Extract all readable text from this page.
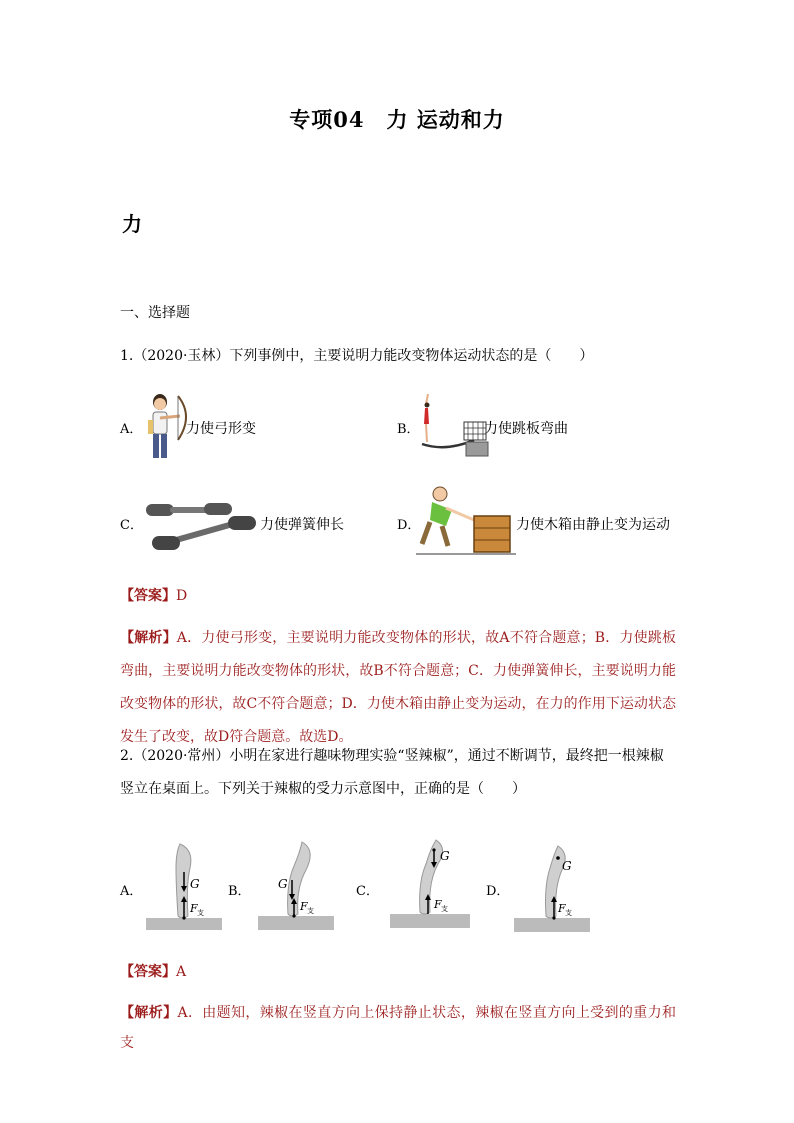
专项04　力 运动和力
力
一、选择题
1.（2020·玉林）下列事例中，主要说明力能改变物体运动状态的是（　　）
A．	力使弓形变	B．	力使跳板弯曲
C．	力使弹簧伸长	D．	力使木箱由静止变为运动
【答案】D
【解析】A．力使弓形变，主要说明力能改变物体的形状，故A不符合题意；B．力使跳板弯曲，主要说明力能改变物体的形状，故B不符合题意；C．力使弹簧伸长，主要说明力能改变物体的形状，故C不符合题意；D．力使木箱由静止变为运动，在力的作用下运动状态发生了改变，故D符合题意。故选D。
2.（2020·常州）小明在家进行趣味物理实验“竖辣椒”，通过不断调节，最终把一根辣椒竖立在桌面上。下列关于辣椒的受力示意图中，正确的是（　　）
A．	G
F 支
B． G
F 支
C．
G
F 支
D．
G
F 支
【答案】A
【解析】A．由题知，辣椒在竖直方向上保持静止状态，辣椒在竖直方向上受到的重力和支
